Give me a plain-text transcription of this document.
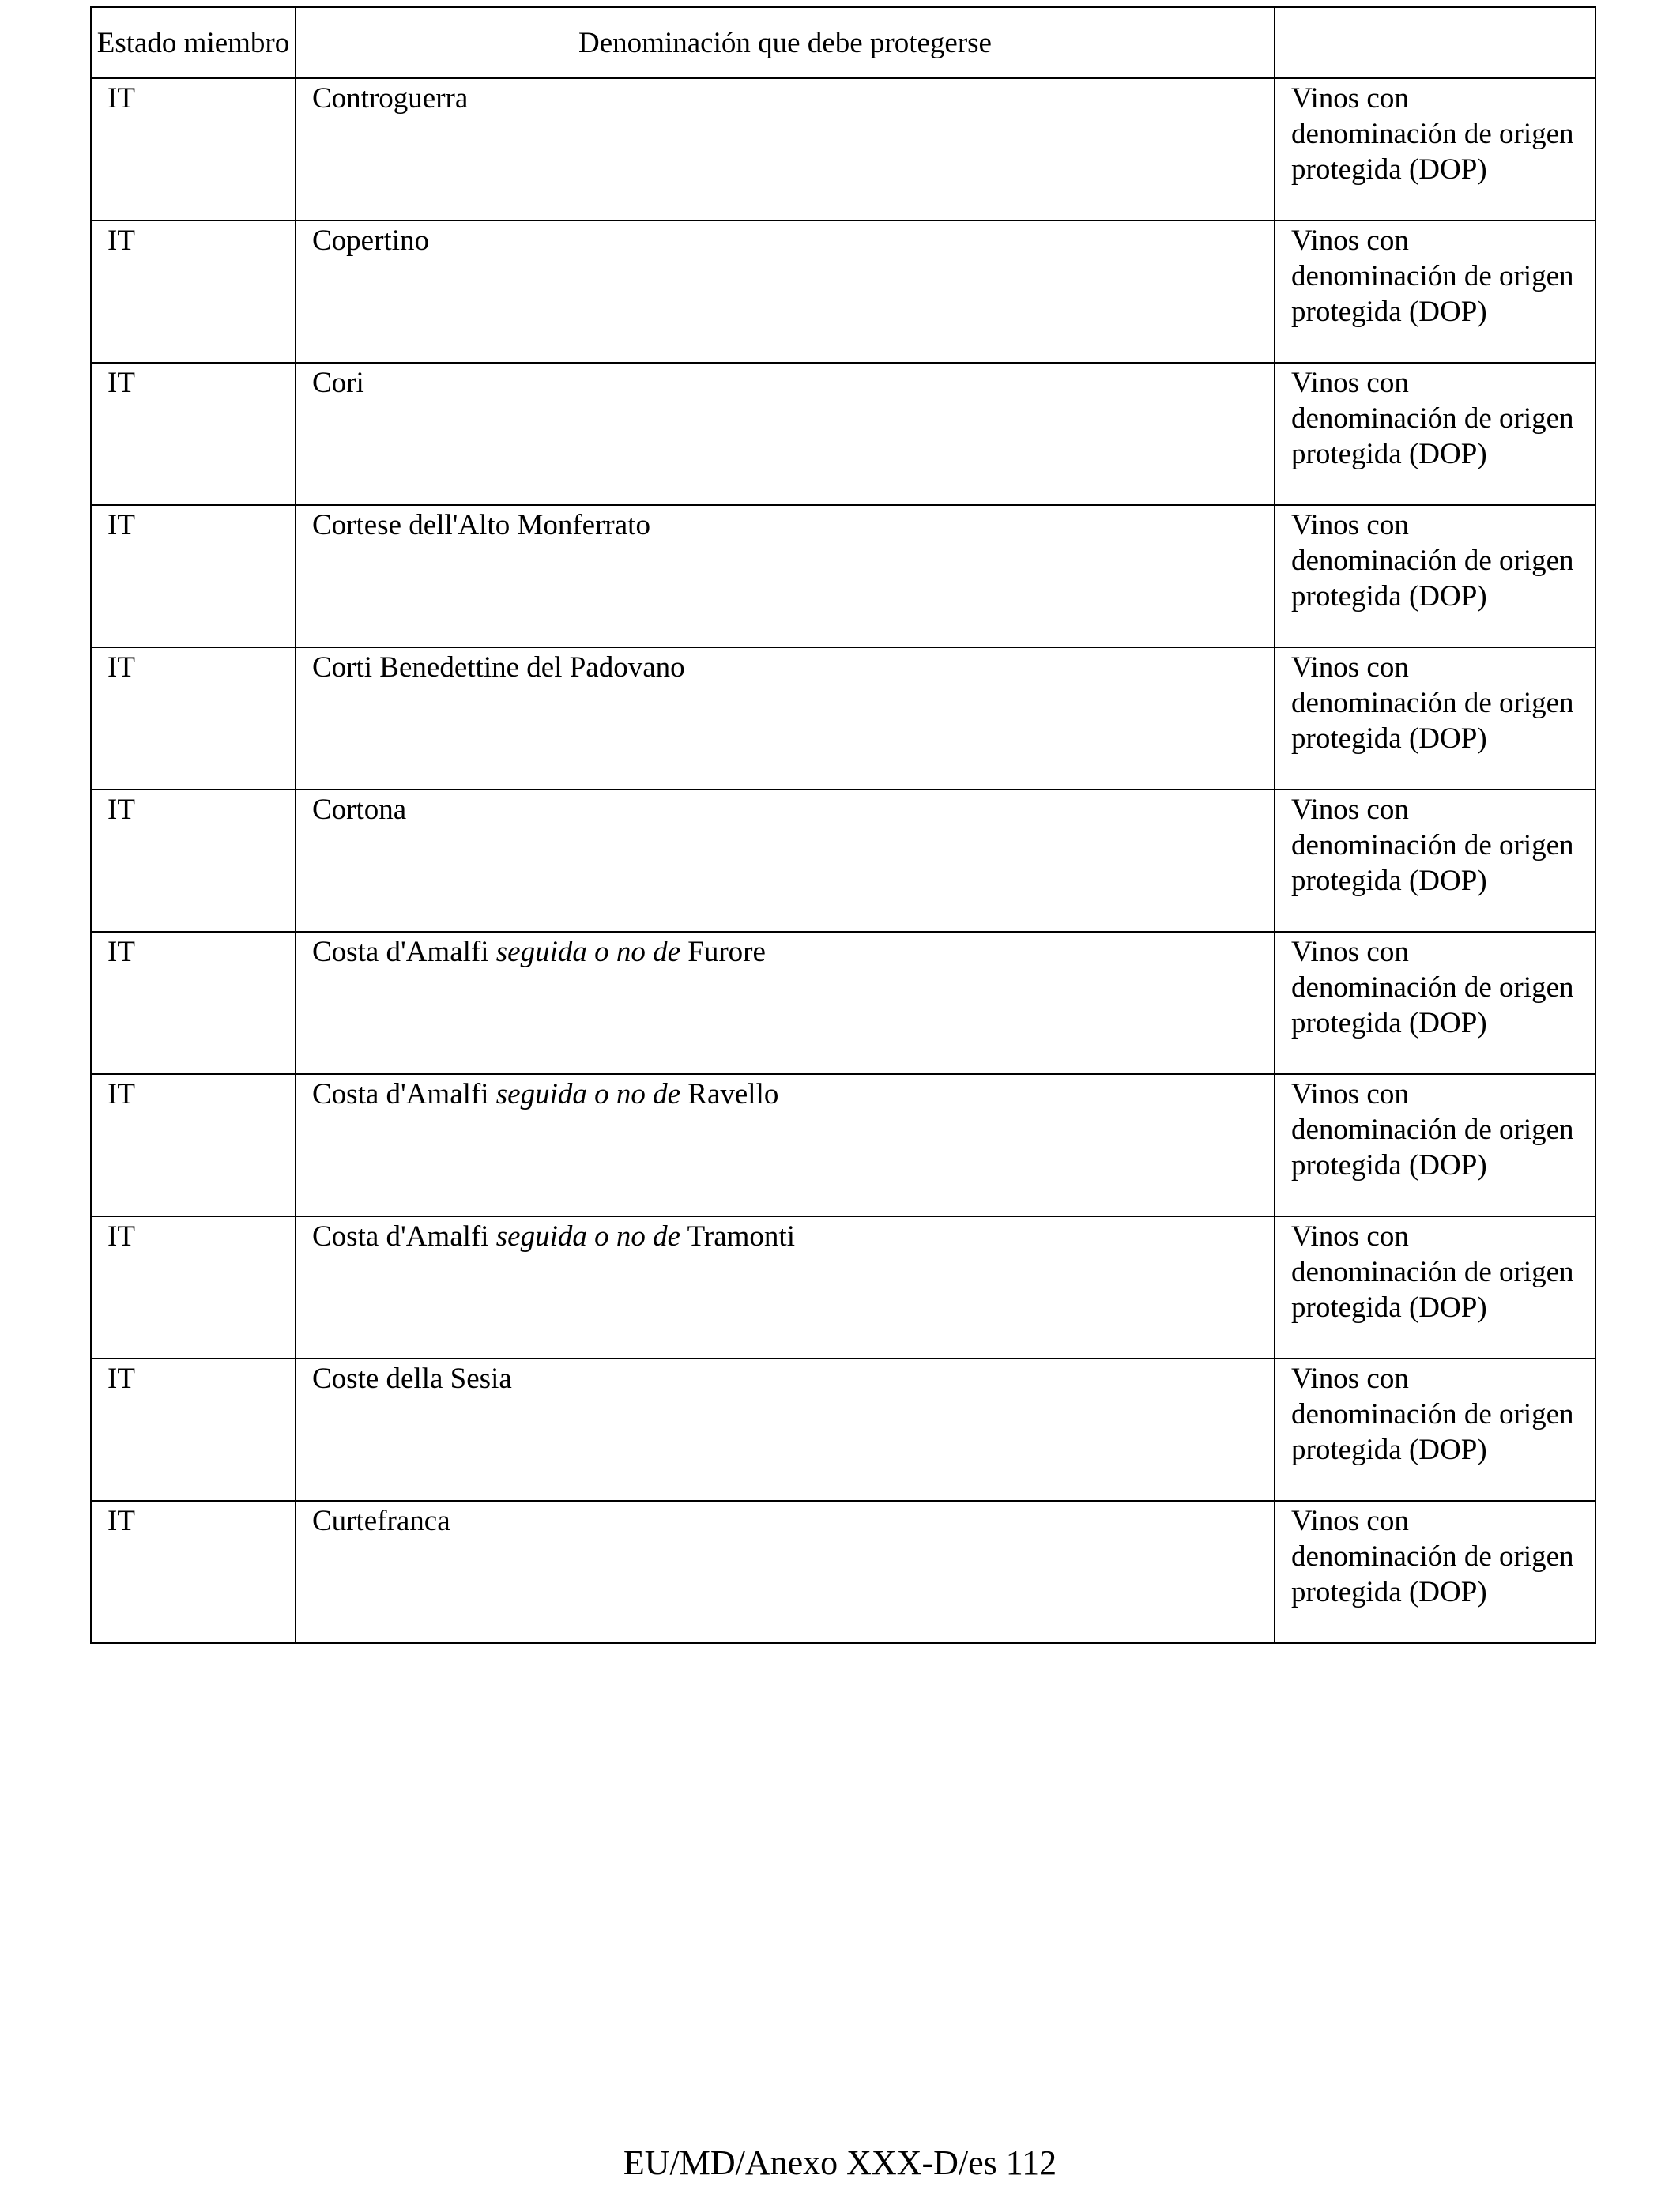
Estado miembro	Denominación que debe protegerse	
IT	Controguerra	Vinos con denominación de origen protegida (DOP)
IT	Copertino	Vinos con denominación de origen protegida (DOP)
IT	Cori	Vinos con denominación de origen protegida (DOP)
IT	Cortese dell'Alto Monferrato	Vinos con denominación de origen protegida (DOP)
IT	Corti Benedettine del Padovano	Vinos con denominación de origen protegida (DOP)
IT	Cortona	Vinos con denominación de origen protegida (DOP)
IT	Costa d'Amalfi seguida o no de Furore	Vinos con denominación de origen protegida (DOP)
IT	Costa d'Amalfi seguida o no de Ravello	Vinos con denominación de origen protegida (DOP)
IT	Costa d'Amalfi seguida o no de Tramonti	Vinos con denominación de origen protegida (DOP)
IT	Coste della Sesia	Vinos con denominación de origen protegida (DOP)
IT	Curtefranca	Vinos con denominación de origen protegida (DOP)
EU/MD/Anexo XXX-D/es 112
